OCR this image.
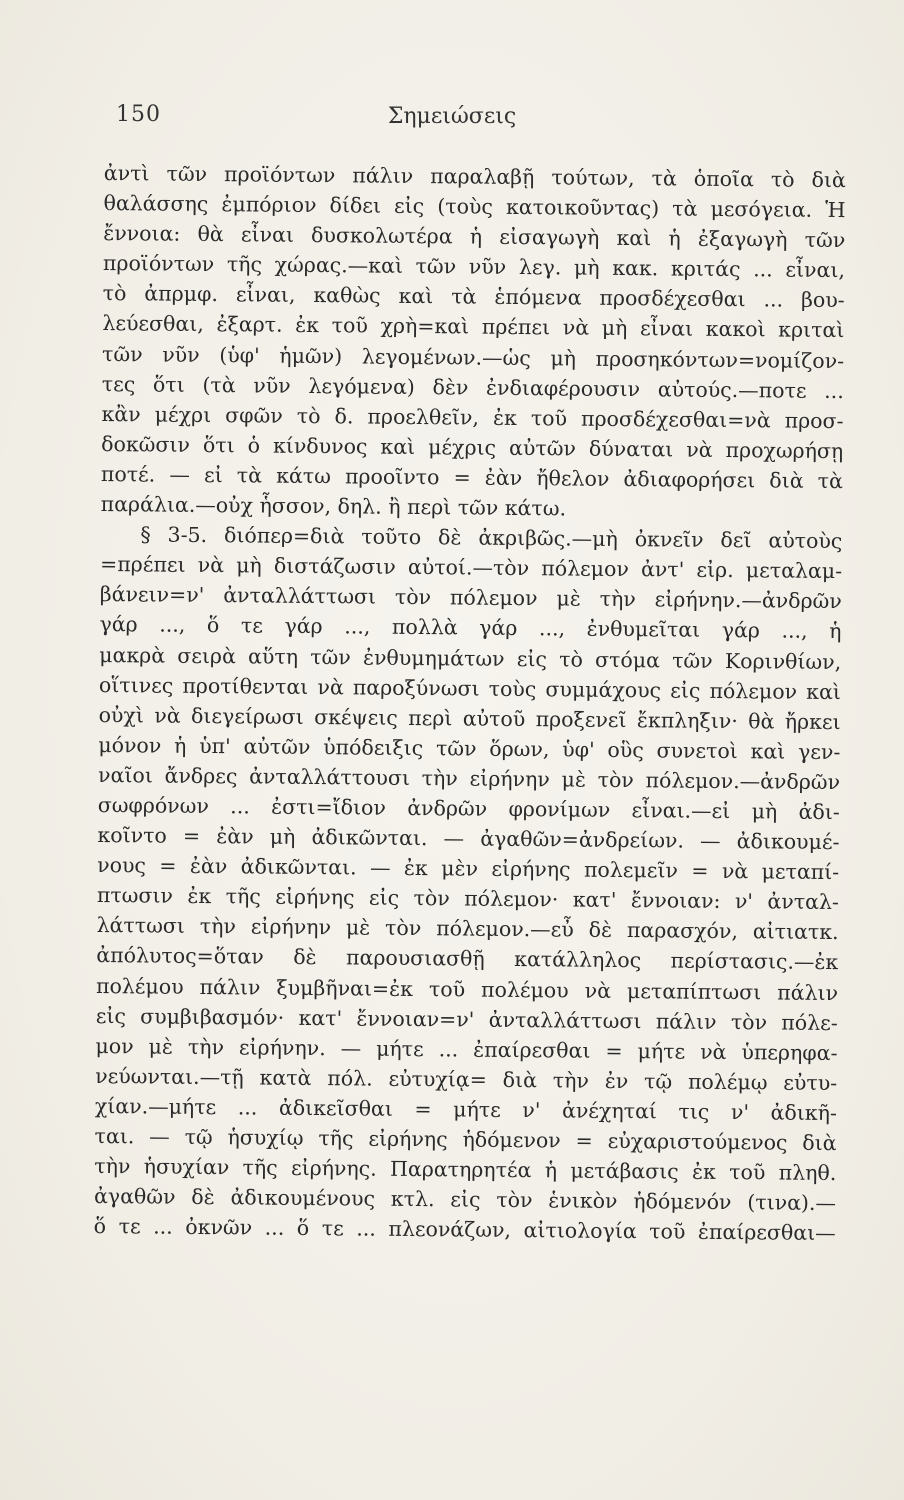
150	Σημειώσεις
ἀντὶ τῶν προϊόντων πάλιν παραλαβῇ τούτων, τὰ ὁποῖα τὸ διὰ
θαλάσσης ἐμπόριον δίδει εἰς (τοὺς κατοικοῦντας) τὰ μεσόγεια. Ἡ
ἔννοια: θὰ εἶναι δυσκολωτέρα ἡ εἰσαγωγὴ καὶ ἡ ἐξαγωγὴ τῶν
προϊόντων τῆς χώρας.—καὶ τῶν νῦν λεγ. μὴ κακ. κριτάς ... εἶναι,
τὸ ἀπρμφ. εἶναι, καθὼς καὶ τὰ ἑπόμενα προσδέχεσθαι ... βου-
λεύεσθαι, ἐξαρτ. ἐκ τοῦ χρὴ=καὶ πρέπει νὰ μὴ εἶναι κακοὶ κριταὶ
τῶν νῦν (ὑφ' ἡμῶν) λεγομένων.—ὡς μὴ προσηκόντων=νομίζον-
τες ὅτι (τὰ νῦν λεγόμενα) δὲν ἐνδιαφέρουσιν αὐτούς.—ποτε ...
κἂν μέχρι σφῶν τὸ δ. προελθεῖν, ἐκ τοῦ προσδέχεσθαι=νὰ προσ-
δοκῶσιν ὅτι ὁ κίνδυνος καὶ μέχρις αὐτῶν δύναται νὰ προχωρήσῃ
ποτέ. — εἰ τὰ κάτω προοῖντο = ἐὰν ἤθελον ἀδιαφορήσει διὰ τὰ
παράλια.—οὐχ ἧσσον, δηλ. ἢ περὶ τῶν κάτω.
§ 3-5. διόπερ=διὰ τοῦτο δὲ ἀκριβῶς.—μὴ ὀκνεῖν δεῖ αὐτοὺς
=πρέπει νὰ μὴ διστάζωσιν αὐτοί.—τὸν πόλεμον ἀντ' εἰρ. μεταλαμ-
βάνειν=ν' ἀνταλλάττωσι τὸν πόλεμον μὲ τὴν εἰρήνην.—ἀνδρῶν
γάρ ..., ὅ τε γάρ ..., πολλὰ γάρ ..., ἐνθυμεῖται γάρ ..., ἡ
μακρὰ σειρὰ αὕτη τῶν ἐνθυμημάτων εἰς τὸ στόμα τῶν Κορινθίων,
οἵτινες προτίθενται νὰ παροξύνωσι τοὺς συμμάχους εἰς πόλεμον καὶ
οὐχὶ νὰ διεγείρωσι σκέψεις περὶ αὐτοῦ προξενεῖ ἔκπληξιν· θὰ ἤρκει
μόνον ἡ ὑπ' αὐτῶν ὑπόδειξις τῶν ὅρων, ὑφ' οὓς συνετοὶ καὶ γεν-
ναῖοι ἄνδρες ἀνταλλάττουσι τὴν εἰρήνην μὲ τὸν πόλεμον.—ἀνδρῶν
σωφρόνων ... ἐστι=ἴδιον ἀνδρῶν φρονίμων εἶναι.—εἰ μὴ ἀδι-
κοῖντο = ἐὰν μὴ ἀδικῶνται. — ἀγαθῶν=ἀνδρείων. — ἀδικουμέ-
νους = ἐὰν ἀδικῶνται. — ἐκ μὲν εἰρήνης πολεμεῖν = νὰ μεταπί-
πτωσιν ἐκ τῆς εἰρήνης εἰς τὸν πόλεμον· κατ' ἔννοιαν: ν' ἀνταλ-
λάττωσι τὴν εἰρήνην μὲ τὸν πόλεμον.—εὖ δὲ παρασχόν, αἰτιατκ.
ἀπόλυτος=ὅταν δὲ παρουσιασθῇ κατάλληλος περίστασις.—ἐκ
πολέμου πάλιν ξυμβῆναι=ἐκ τοῦ πολέμου νὰ μεταπίπτωσι πάλιν
εἰς συμβιβασμόν· κατ' ἔννοιαν=ν' ἀνταλλάττωσι πάλιν τὸν πόλε-
μον μὲ τὴν εἰρήνην. — μήτε ... ἐπαίρεσθαι = μήτε νὰ ὑπερηφα-
νεύωνται.—τῇ κατὰ πόλ. εὐτυχίᾳ= διὰ τὴν ἐν τῷ πολέμῳ εὐτυ-
χίαν.—μήτε ... ἀδικεῖσθαι = μήτε ν' ἀνέχηταί τις ν' ἀδικῆ-
ται. — τῷ ἡσυχίῳ τῆς εἰρήνης ἡδόμενον = εὐχαριστούμενος διὰ
τὴν ἡσυχίαν τῆς εἰρήνης. Παρατηρητέα ἡ μετάβασις ἐκ τοῦ πληθ.
ἀγαθῶν δὲ ἀδικουμένους κτλ. εἰς τὸν ἑνικὸν ἡδόμενόν (τινα).—
ὅ τε ... ὀκνῶν ... ὅ τε ... πλεονάζων, αἰτιολογία τοῦ ἐπαίρεσθαι—
